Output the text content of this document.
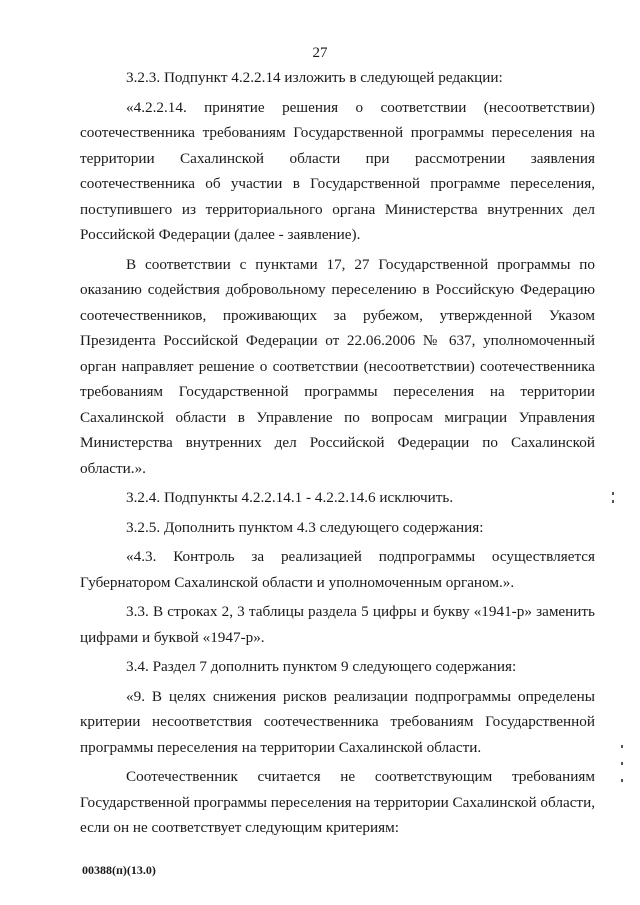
27

3.2.3. Подпункт 4.2.2.14 изложить в следующей редакции:

«4.2.2.14. принятие решения о соответствии (несоответствии) соотечественника требованиям Государственной программы переселения на территории Сахалинской области при рассмотрении заявления соотечественника об участии в Государственной программе переселения, поступившего из территориального органа Министерства внутренних дел Российской Федерации (далее - заявление).

В соответствии с пунктами 17, 27 Государственной программы по оказанию содействия добровольному переселению в Российскую Федерацию соотечественников, проживающих за рубежом, утвержденной Указом Президента Российской Федерации от 22.06.2006 № 637, уполномоченный орган направляет решение о соответствии (несоответствии) соотечественника требованиям Государственной программы переселения на территории Сахалинской области в Управление по вопросам миграции Управления Министерства внутренних дел Российской Федерации по Сахалинской области.».

3.2.4. Подпункты 4.2.2.14.1 - 4.2.2.14.6 исключить.

3.2.5. Дополнить пунктом 4.3 следующего содержания:

«4.3. Контроль за реализацией подпрограммы осуществляется Губернатором Сахалинской области и уполномоченным органом.».

3.3. В строках 2, 3 таблицы раздела 5 цифры и букву «1941-р» заменить цифрами и буквой «1947-р».

3.4. Раздел 7 дополнить пунктом 9 следующего содержания:

«9. В целях снижения рисков реализации подпрограммы определены критерии несоответствия соотечественника требованиям Государственной программы переселения на территории Сахалинской области.

Соотечественник считается не соответствующим требованиям Государственной программы переселения на территории Сахалинской области, если он не соответствует следующим критериям:

00388(п)(13.0)
